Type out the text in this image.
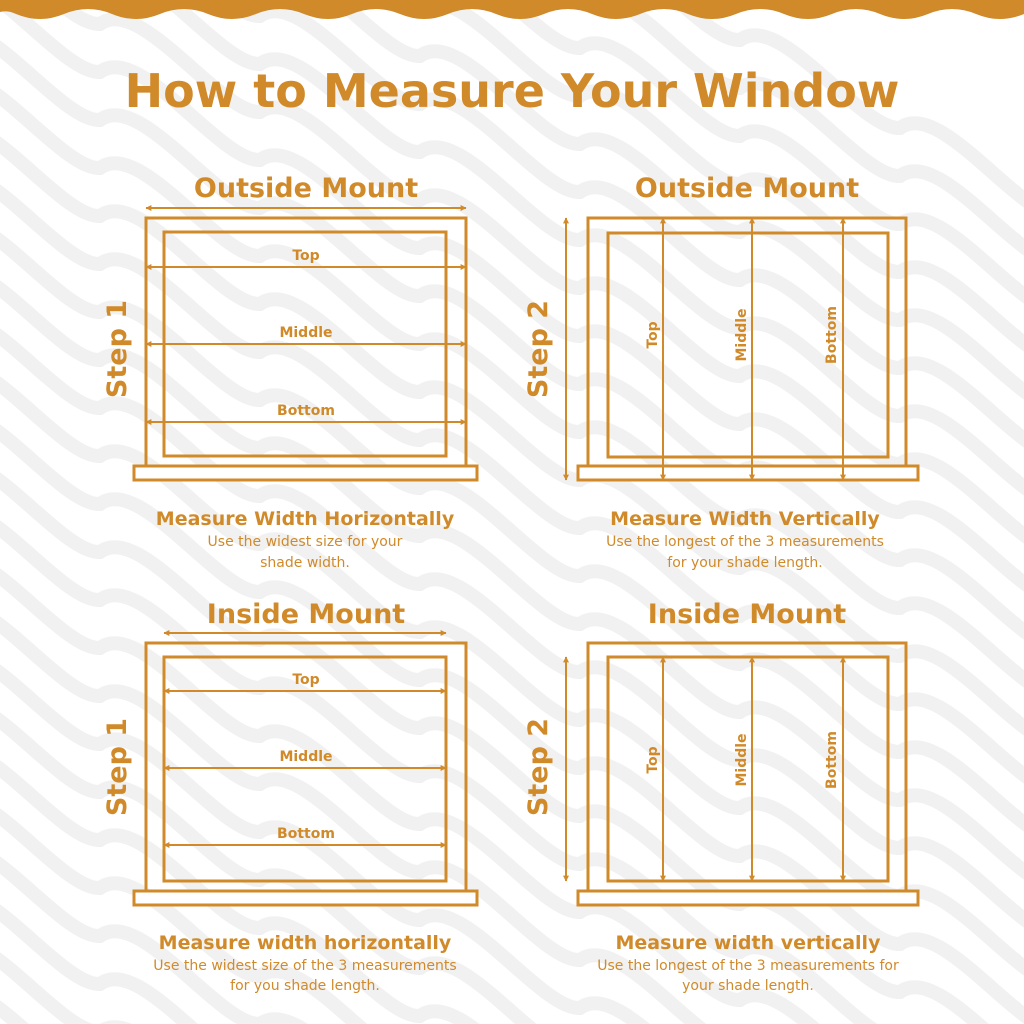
How to Measure Your Window
Outside Mount
Top
Middle
Bottom
Step 1
Measure Width Horizontally
Use the widest size for your
shade width.
Outside Mount
Top	Middle	Bottom
Step 2
Measure Width Vertically
Use the longest of the 3 measurements
for your shade length.
Inside Mount
Top
Middle
Bottom
Step 1
Measure width horizontally
Use the widest size of the 3 measurements
for you shade length.
Inside Mount
Top	Middle	Bottom
Step 2
Measure width vertically
Use the longest of the 3 measurements for
your shade length.
